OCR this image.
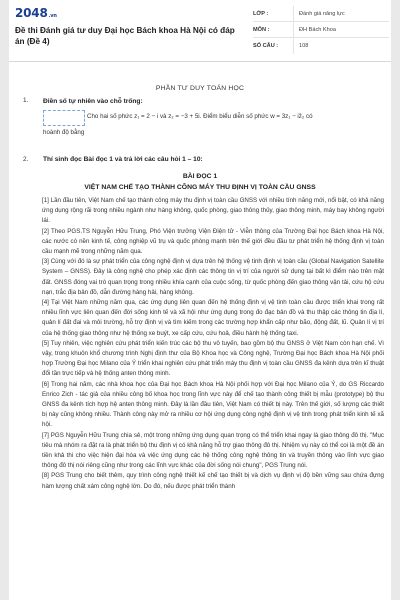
2048.vn
Đề thi Đánh giá tư duy Đại học Bách khoa Hà Nội có đáp án (Đề 4)
LỚP :	Đánh giá năng lực
MÔN :	ĐH Bách Khoa
SỐ CÂU :	108
PHẦN TƯ DUY TOÁN HỌC
1. Điền số tự nhiên vào chỗ trống:
Cho hai số phức z₁ = 2 − i và z₂ = −3 + 5i. Điểm biểu diễn số phức w = 3z₁ − iz̄₂ có
hoành độ bằng
2. Thí sinh đọc Bài đọc 1 và trả lời các câu hỏi 1 – 10:
BÀI ĐỌC 1
VIỆT NAM CHẾ TẠO THÀNH CÔNG MÁY THU ĐỊNH VỊ TOÀN CẦU GNSS

[1] Lần đầu tiên, Việt Nam chế tạo thành công máy thu định vị toàn cầu GNSS với nhiều tính năng mới, nổi bật, có khả năng ứng dụng rộng rãi trong nhiều ngành như hàng không, quốc phòng, giao thông thủy, giao thông minh, máy bay không người lái.

[2] Theo PGS.TS Nguyễn Hữu Trung, Phó Viện trưởng Viện Điện tử - Viễn thông của Trường Đại học Bách khoa Hà Nội, các nước có nền kinh tế, công nghiệp vũ trụ và quốc phòng mạnh trên thế giới đều đầu tư phát triển hệ thống định vị toàn cầu mạnh mẽ trong những năm qua.

[3] Cùng với đó là sự phát triển của công nghệ định vị dựa trên hệ thống vệ tinh định vị toàn cầu (Global Navigation Satellite System – GNSS). Đây là công nghệ cho phép xác định các thông tin vị trí của người sử dụng tại bất kì điểm nào trên mặt đất. GNSS đóng vai trò quan trọng trong nhiều khía cạnh của cuộc sống, từ quốc phòng đến giao thông vận tải, cứu hộ cứu nạn, trắc địa bản đồ, dẫn đường hàng hải, hàng không.

[4] Tại Việt Nam những năm qua, các ứng dụng liên quan đến hệ thống định vị vệ tinh toàn cầu được triển khai trong rất nhiều lĩnh vực liên quan đến đời sống kinh tế và xã hội như ứng dụng trong đo đạc bản đồ và thu thập các thông tin địa lí, quản lí đất đai và môi trường, hỗ trợ định vị và tìm kiếm trong các trường hợp khẩn cấp như bão, động đất, lũ. Quản lí vị trí của hệ thống giao thông như hệ thống xe buýt, xe cấp cứu, cứu hoả, điều hành hệ thống taxi.

[5] Tuy nhiên, việc nghiên cứu phát triển kiến trúc các bộ thu vô tuyến, bao gồm bộ thu GNSS ở Việt Nam còn hạn chế. Vì vậy, trong khuôn khổ chương trình Nghị định thư của Bộ Khoa học và Công nghệ, Trường Đại học Bách khoa Hà Nội phối hợp Trường Đại học Milano của Ý triển khai nghiên cứu phát triển máy thu định vị toàn cầu GNSS đa kênh dựa trên kĩ thuật đổi tần trực tiếp và hệ thống anten thông minh.

[6] Trong hai năm, các nhà khoa học của Đại học Bách khoa Hà Nội phối hợp với Đại học Milano của Ý, do GS Riccardo Enrico Zich - tác giả của nhiều công bố khoa học trong lĩnh vực này để chế tạo thành công thiết bị mẫu (prototype) bộ thu GNSS đa kênh tích hợp hệ anten thông minh. Đây là lần đầu tiên, Việt Nam có thiết bị này. Trên thế giới, số lượng các thiết bị này cũng không nhiều. Thành công này mở ra nhiều cơ hội ứng dụng công nghệ định vị vệ tinh trong phát triển kinh tế xã hội.

[7] PGS Nguyễn Hữu Trung chia sẻ, một trong những ứng dụng quan trọng có thể triển khai ngay là giao thông đô thị. "Mục tiêu mà nhóm ra đặt ra là phát triển bộ thu định vị có khả năng hỗ trợ giao thông đô thị. Nhiệm vụ này có thể coi là một đề án tiền khả thi cho việc hiện đại hóa và việc ứng dụng các hệ thống công nghệ thông tin và truyền thông vào lĩnh vực giao thông đô thị nói riêng cũng như trong các lĩnh vực khác của đời sống nói chung", PGS Trung nói.

[8] PGS Trung cho biết thêm, quy trình công nghệ thiết kế chế tạo thiết bị và dịch vụ định vị độ bền vững sau chứa đựng hàm lượng chất xám công nghệ lớn. Do đó, nếu được phát triển thành
